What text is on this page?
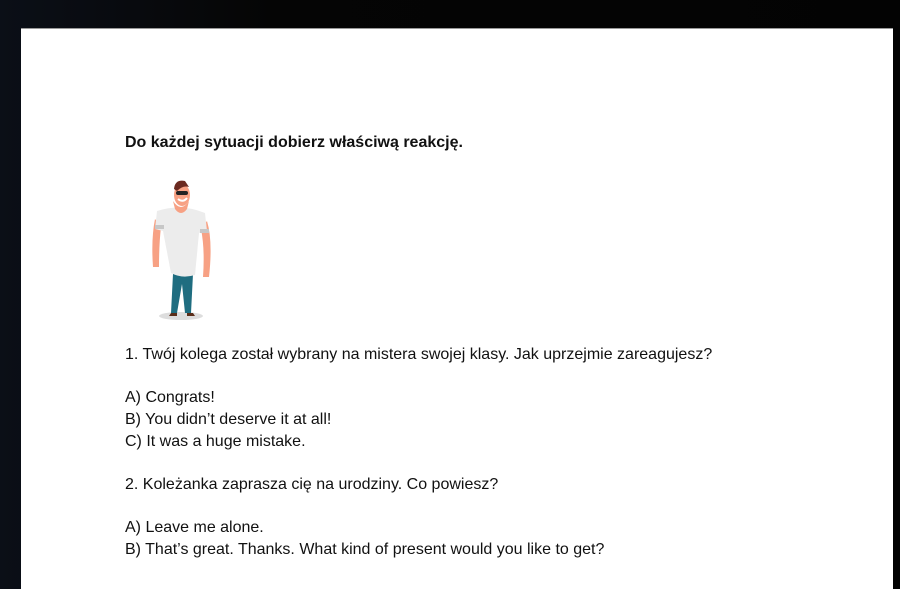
Do każdej sytuacji dobierz właściwą reakcję.
1. Twój kolega został wybrany na mistera swojej klasy. Jak uprzejmie zareagujesz?
A) Congrats!
B) You didn’t deserve it at all!
C) It was a huge mistake.
2. Koleżanka zaprasza cię na urodziny. Co powiesz?
A) Leave me alone.
B) That’s great. Thanks. What kind of present would you like to get?
